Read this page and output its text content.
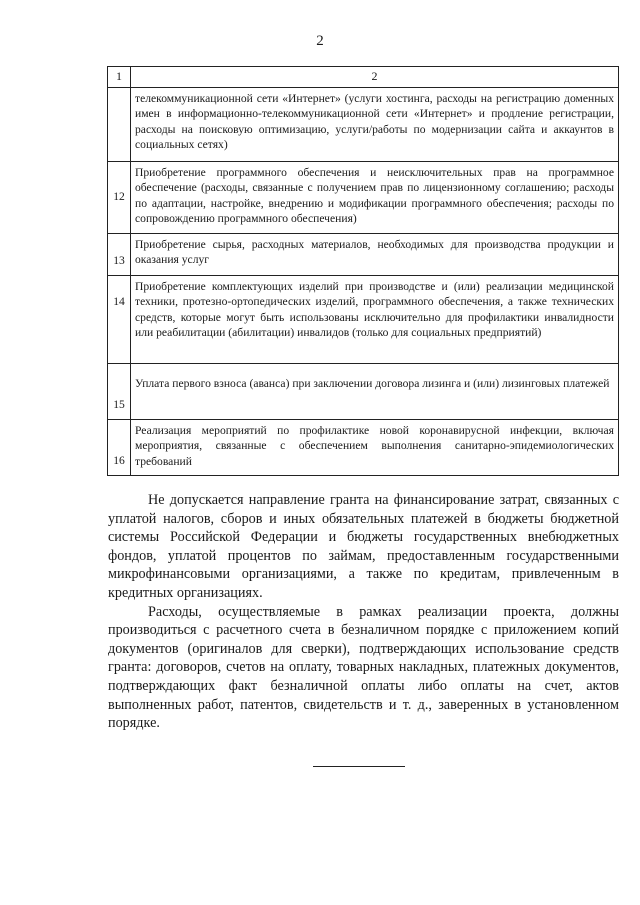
2
1	2
	телекоммуникационной сети «Интернет» (услуги хостинга, расходы на регистрацию доменных имен в информационно-телекоммуникационной сети «Интернет» и продление регистрации, расходы на поисковую оптимизацию, услуги/работы по модернизации сайта и аккаунтов в социальных сетях)
12	Приобретение программного обеспечения и неисключительных прав на программное обеспечение (расходы, связанные с получением прав по лицензионному соглашению; расходы по адаптации, настройке, внедрению и модификации программного обеспечения; расходы по сопровождению программного обеспечения)
13	Приобретение сырья, расходных материалов, необходимых для производства продукции и оказания услуг
14	Приобретение комплектующих изделий при производстве и (или) реализации медицинской техники, протезно-ортопедических изделий, программного обеспечения, а также технических средств, которые могут быть использованы исключительно для профилактики инвалидности или реабилитации (абилитации) инвалидов (только для социальных предприятий)
15	Уплата первого взноса (аванса) при заключении договора лизинга и (или) лизинговых платежей
16	Реализация мероприятий по профилактике новой коронавирусной инфекции, включая мероприятия, связанные с обеспечением выполнения санитарно-эпидемиологических требований

Не допускается направление гранта на финансирование затрат, связанных с уплатой налогов, сборов и иных обязательных платежей в бюджеты бюджетной системы Российской Федерации и бюджеты государственных внебюджетных фондов, уплатой процентов по займам, предоставленным государственными микрофинансовыми организациями, а также по кредитам, привлеченным в кредитных организациях.

Расходы, осуществляемые в рамках реализации проекта, должны производиться с расчетного счета в безналичном порядке с приложением копий документов (оригиналов для сверки), подтверждающих использование средств гранта: договоров, счетов на оплату, товарных накладных, платежных документов, подтверждающих факт безналичной оплаты либо оплаты на счет, актов выполненных работ, патентов, свидетельств и т. д., заверенных в установленном порядке.
